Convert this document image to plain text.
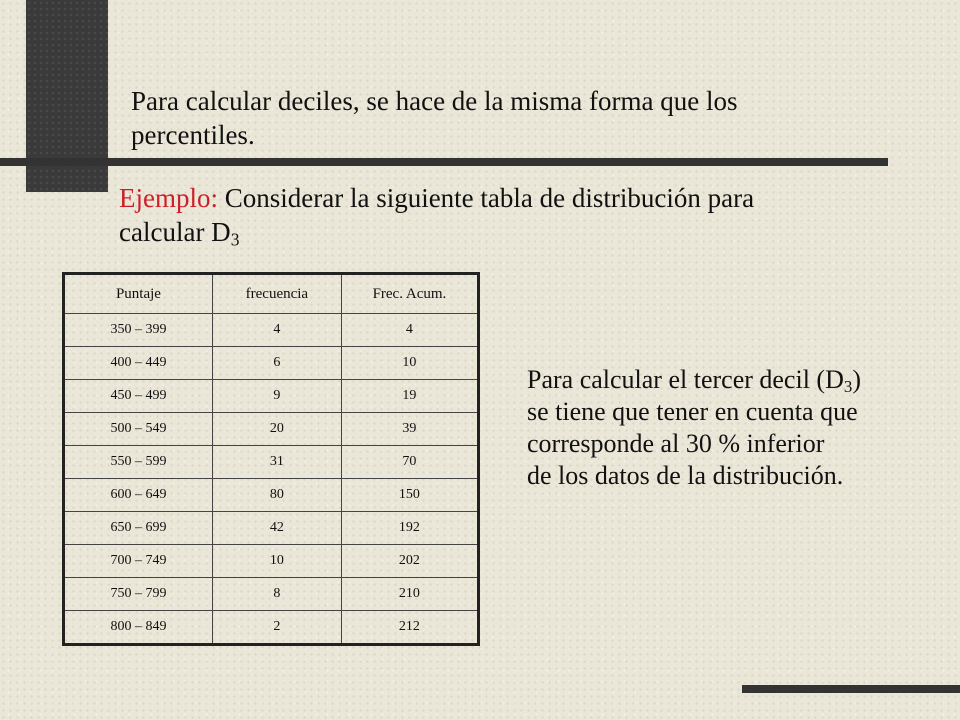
Para calcular deciles, se hace de la misma forma que los
percentiles.

Ejemplo: Considerar la siguiente tabla de distribución para
calcular $D_3$

Puntaje	frecuencia	Frec. Acum.
350 – 399	4	4
400 – 449	6	10
450 – 499	9	19
500 – 549	20	39
550 – 599	31	70
600 – 649	80	150
650 – 699	42	192
700 – 749	10	202
750 – 799	8	210
800 – 849	2	212

Para calcular el tercer decil $(D_3)$
se tiene que tener en cuenta que
corresponde al 30 % inferior
de los datos de la distribución.
